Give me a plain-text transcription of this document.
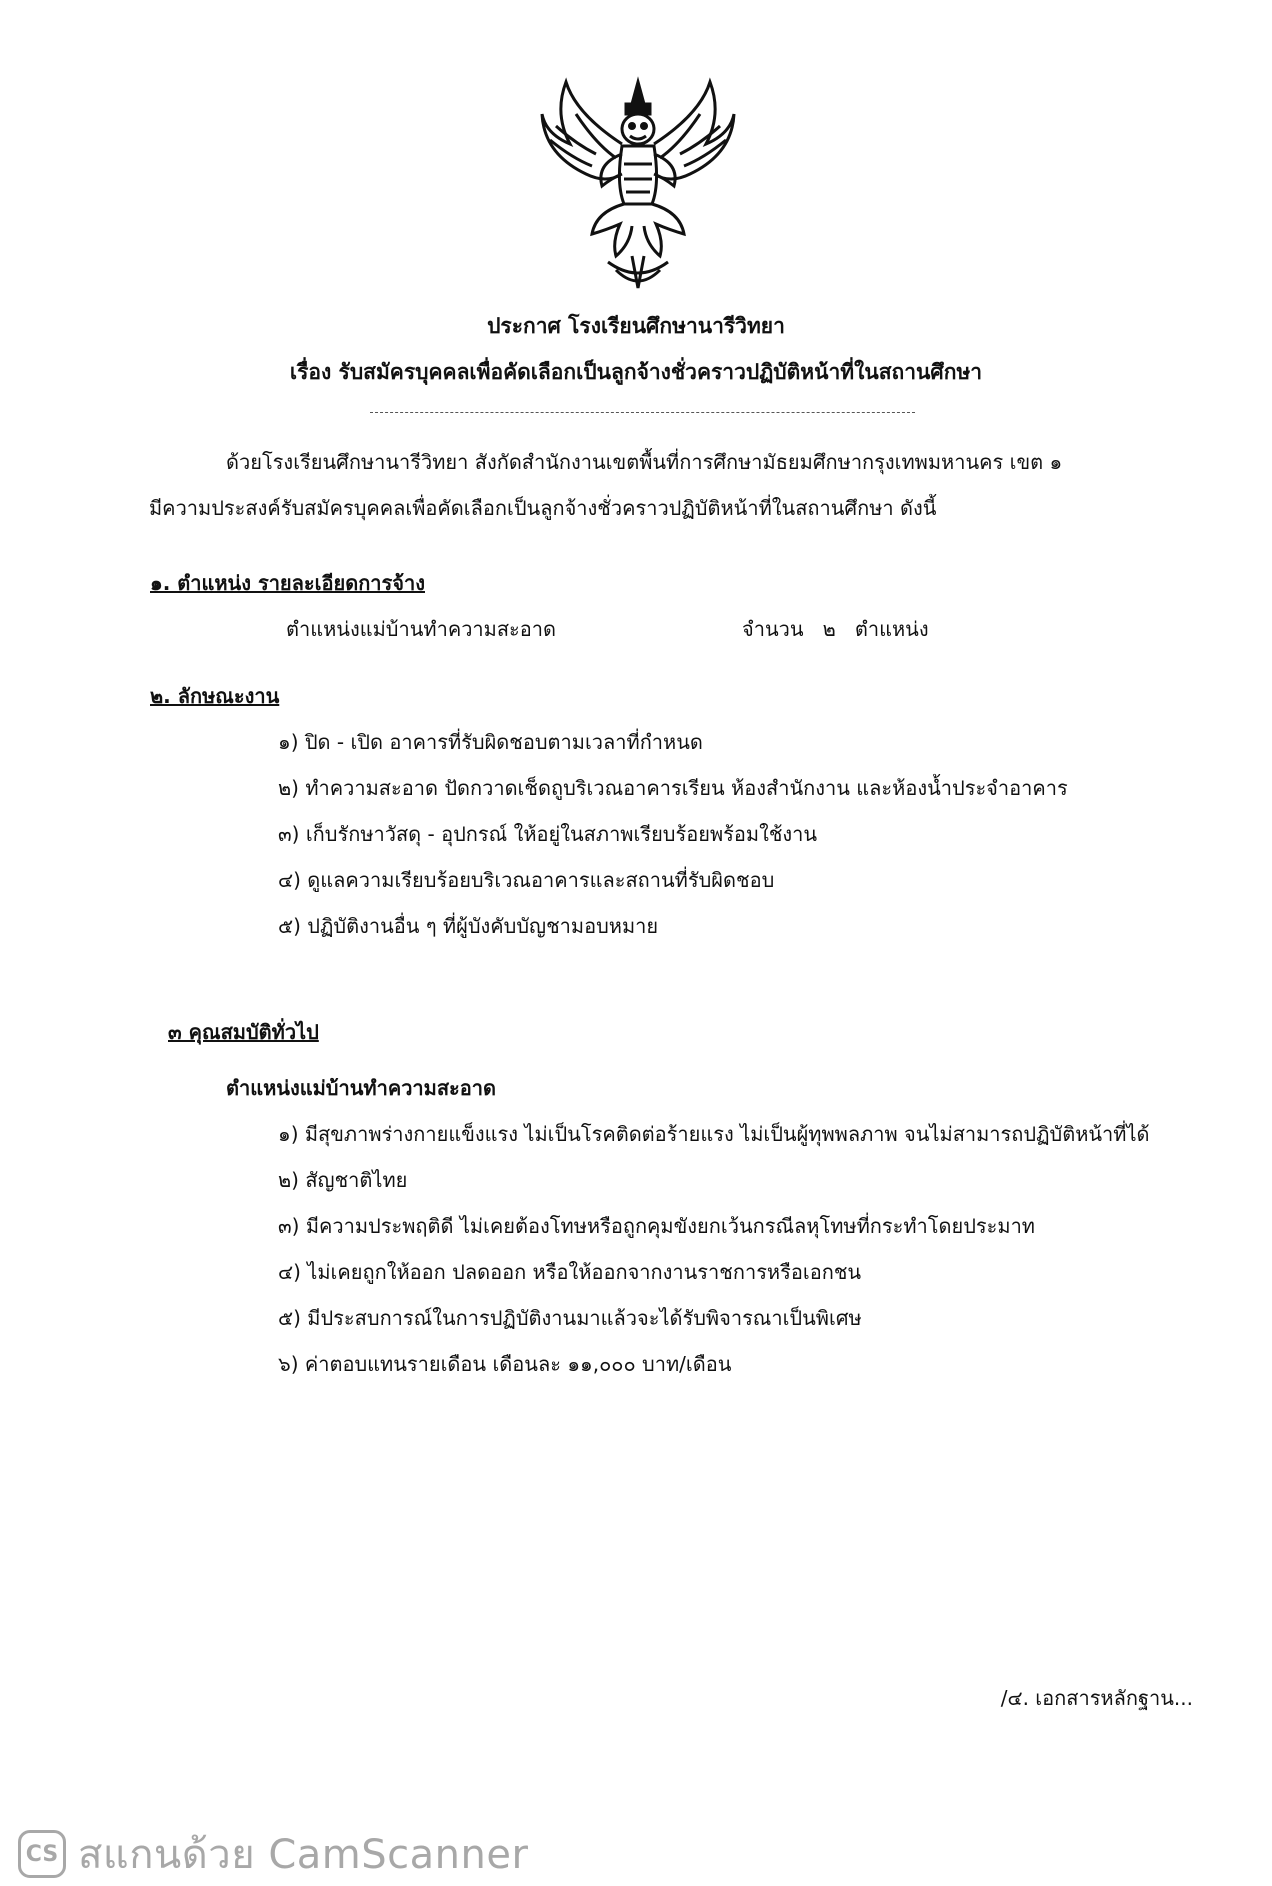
ประกาศ โรงเรียนศึกษานารีวิทยา
เรื่อง รับสมัครบุคคลเพื่อคัดเลือกเป็นลูกจ้างชั่วคราวปฏิบัติหน้าที่ในสถานศึกษา
ด้วยโรงเรียนศึกษานารีวิทยา สังกัดสำนักงานเขตพื้นที่การศึกษามัธยมศึกษากรุงเทพมหานคร เขต ๑
มีความประสงค์รับสมัครบุคคลเพื่อคัดเลือกเป็นลูกจ้างชั่วคราวปฏิบัติหน้าที่ในสถานศึกษา ดังนี้
๑. ตำแหน่ง รายละเอียดการจ้าง
ตำแหน่งแม่บ้านทำความสะอาด	จำนวน   ๒   ตำแหน่ง
๒. ลักษณะงาน
๑) ปิด - เปิด อาคารที่รับผิดชอบตามเวลาที่กำหนด
๒) ทำความสะอาด ปัดกวาดเช็ดถูบริเวณอาคารเรียน ห้องสำนักงาน และห้องน้ำประจำอาคาร
๓) เก็บรักษาวัสดุ - อุปกรณ์ ให้อยู่ในสภาพเรียบร้อยพร้อมใช้งาน
๔) ดูแลความเรียบร้อยบริเวณอาคารและสถานที่รับผิดชอบ
๕) ปฏิบัติงานอื่น ๆ ที่ผู้บังคับบัญชามอบหมาย
๓ คุณสมบัติทั่วไป
ตำแหน่งแม่บ้านทำความสะอาด
๑) มีสุขภาพร่างกายแข็งแรง ไม่เป็นโรคติดต่อร้ายแรง ไม่เป็นผู้ทุพพลภาพ จนไม่สามารถปฏิบัติหน้าที่ได้
๒) สัญชาติไทย
๓) มีความประพฤติดี ไม่เคยต้องโทษหรือถูกคุมขังยกเว้นกรณีลหุโทษที่กระทำโดยประมาท
๔) ไม่เคยถูกให้ออก ปลดออก หรือให้ออกจากงานราชการหรือเอกชน
๕) มีประสบการณ์ในการปฏิบัติงานมาแล้วจะได้รับพิจารณาเป็นพิเศษ
๖) ค่าตอบแทนรายเดือน เดือนละ ๑๑,๐๐๐ บาท/เดือน
/๔. เอกสารหลักฐาน...
CS สแกนด้วย CamScanner
